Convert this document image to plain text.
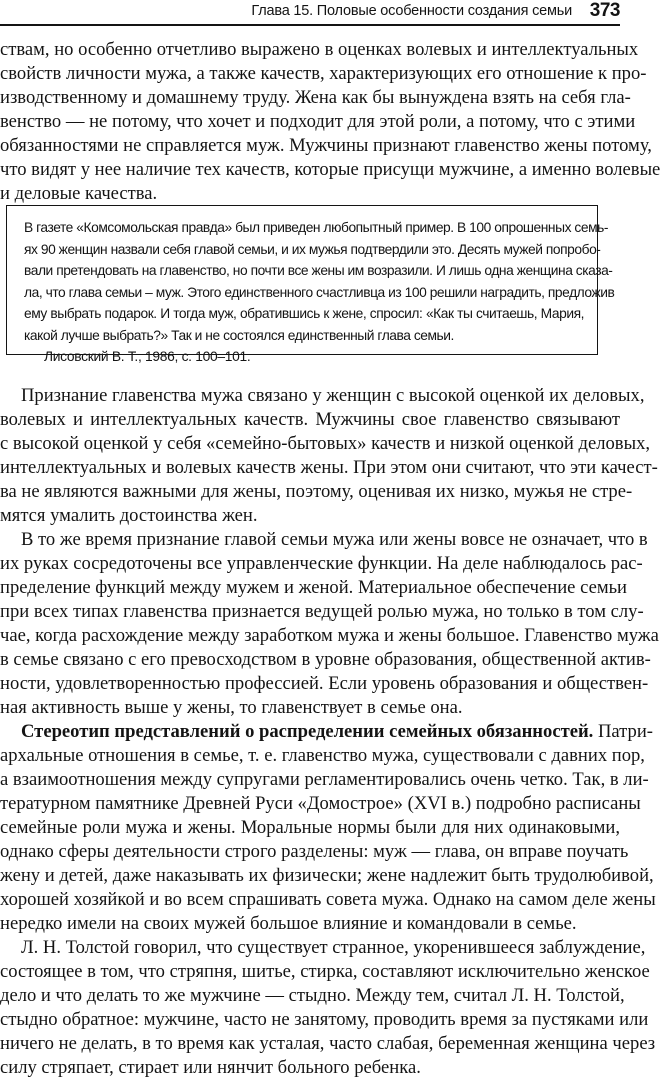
Глава 15. Половые особенности создания семьи 373
ствам, но особенно отчетливо выражено в оценках волевых и интеллектуальных
свойств личности мужа, а также качеств, характеризующих его отношение к про-
изводственному и домашнему труду. Жена как бы вынуждена взять на себя гла-
венство — не потому, что хочет и подходит для этой роли, а потому, что с этими
обязанностями не справляется муж. Мужчины признают главенство жены потому,
что видят у нее наличие тех качеств, которые присущи мужчине, а именно волевые
и деловые качества.
В газете «Комсомольская правда» был приведен любопытный пример. В 100 опрошенных семь-
ях 90 женщин назвали себя главой семьи, и их мужья подтвердили это. Десять мужей попробо-
вали претендовать на главенство, но почти все жены им возразили. И лишь одна женщина сказа-
ла, что глава семьи – муж. Этого единственного счастливца из 100 решили наградить, предложив
ему выбрать подарок. И тогда муж, обратившись к жене, спросил: «Как ты считаешь, Мария,
какой лучше выбрать?» Так и не состоялся единственный глава семьи.
Лисовский В. Т., 1986, с. 100–101.
Признание главенства мужа связано у женщин с высокой оценкой их деловых,
волевых и интеллектуальных качеств. Мужчины свое главенство связывают
с высокой оценкой у себя «семейно-бытовых» качеств и низкой оценкой деловых,
интеллектуальных и волевых качеств жены. При этом они считают, что эти качест-
ва не являются важными для жены, поэтому, оценивая их низко, мужья не стре-
мятся умалить достоинства жен.
В то же время признание главой семьи мужа или жены вовсе не означает, что в
их руках сосредоточены все управленческие функции. На деле наблюдалось рас-
пределение функций между мужем и женой. Материальное обеспечение семьи
при всех типах главенства признается ведущей ролью мужа, но только в том слу-
чае, когда расхождение между заработком мужа и жены большое. Главенство мужа
в семье связано с его превосходством в уровне образования, общественной актив-
ности, удовлетворенностью профессией. Если уровень образования и обществен-
ная активность выше у жены, то главенствует в семье она.
Стереотип представлений о распределении семейных обязанностей. Патри-
архальные отношения в семье, т. е. главенство мужа, существовали с давних пор,
а взаимоотношения между супругами регламентировались очень четко. Так, в ли-
тературном памятнике Древней Руси «Домострое» (XVI в.) подробно расписаны
семейные роли мужа и жены. Моральные нормы были для них одинаковыми,
однако сферы деятельности строго разделены: муж — глава, он вправе поучать
жену и детей, даже наказывать их физически; жене надлежит быть трудолюбивой,
хорошей хозяйкой и во всем спрашивать совета мужа. Однако на самом деле жены
нередко имели на своих мужей большое влияние и командовали в семье.
Л. Н. Толстой говорил, что существует странное, укоренившееся заблуждение,
состоящее в том, что стряпня, шитье, стирка, составляют исключительно женское
дело и что делать то же мужчине — стыдно. Между тем, считал Л. Н. Толстой,
стыдно обратное: мужчине, часто не занятому, проводить время за пустяками или
ничего не делать, в то время как усталая, часто слабая, беременная женщина через
силу стряпает, стирает или нянчит больного ребенка.
